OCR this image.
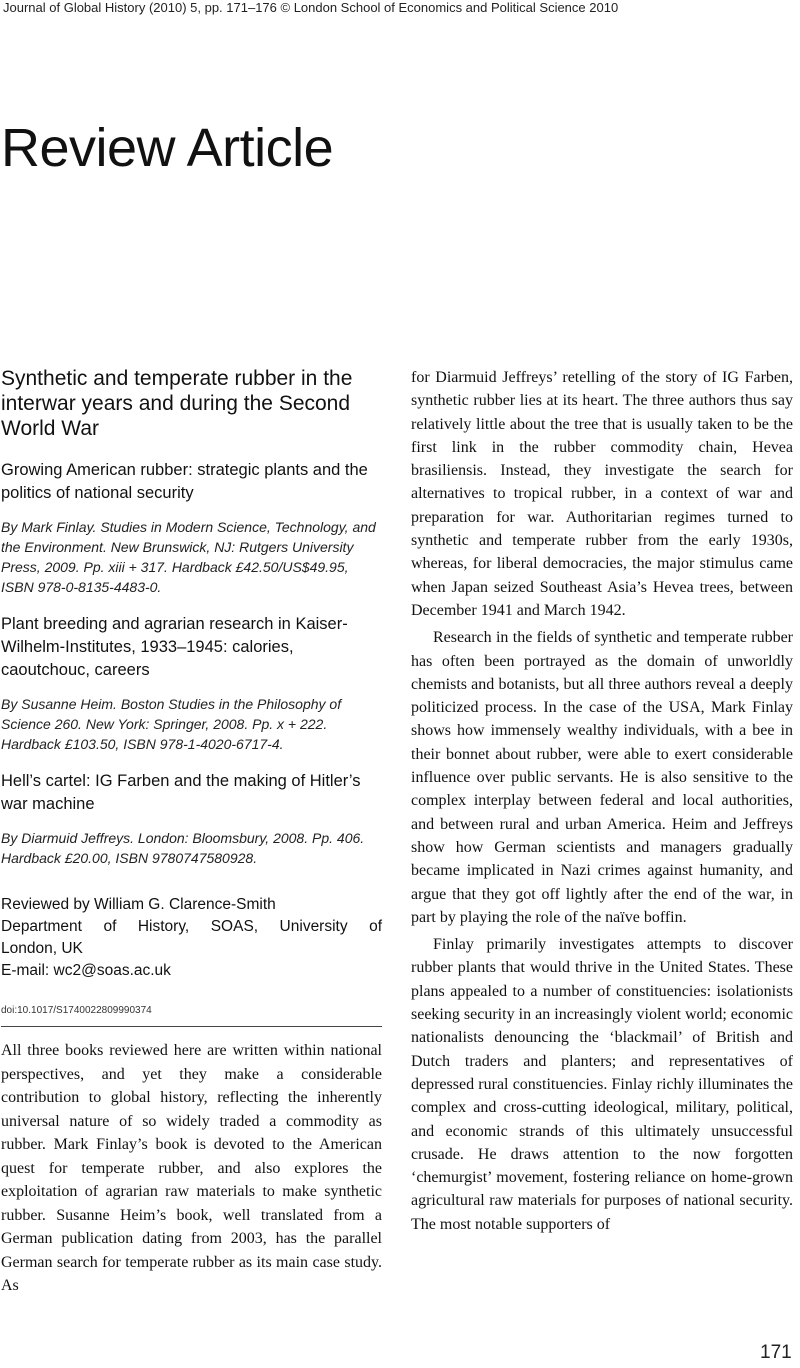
Journal of Global History (2010) 5, pp. 171–176 © London School of Economics and Political Science 2010
Review Article
Synthetic and temperate rubber in the interwar years and during the Second World War
Growing American rubber: strategic plants and the politics of national security
By Mark Finlay. Studies in Modern Science, Technology, and the Environment. New Brunswick, NJ: Rutgers University Press, 2009. Pp. xiii + 317. Hardback £42.50/US$49.95, ISBN 978-0-8135-4483-0.
Plant breeding and agrarian research in Kaiser-Wilhelm-Institutes, 1933–1945: calories, caoutchouc, careers
By Susanne Heim. Boston Studies in the Philosophy of Science 260. New York: Springer, 2008. Pp. x + 222. Hardback £103.50, ISBN 978-1-4020-6717-4.
Hell’s cartel: IG Farben and the making of Hitler’s war machine
By Diarmuid Jeffreys. London: Bloomsbury, 2008. Pp. 406. Hardback £20.00, ISBN 9780747580928.
Reviewed by William G. Clarence-Smith
Department of History, SOAS, University of
London, UK
E-mail: wc2@soas.ac.uk
doi:10.1017/S1740022809990374

All three books reviewed here are written within national perspectives, and yet they make a considerable contribution to global history, reflecting the inherently universal nature of so widely traded a commodity as rubber. Mark Finlay’s book is devoted to the American quest for temperate rubber, and also explores the exploitation of agrarian raw materials to make synthetic rubber. Susanne Heim’s book, well translated from a German publication dating from 2003, has the parallel German search for temperate rubber as its main case study. As

for Diarmuid Jeffreys’ retelling of the story of IG Farben, synthetic rubber lies at its heart. The three authors thus say relatively little about the tree that is usually taken to be the first link in the rubber commodity chain, Hevea brasiliensis. Instead, they investigate the search for alternatives to tropical rubber, in a context of war and preparation for war. Authoritarian regimes turned to synthetic and temperate rubber from the early 1930s, whereas, for liberal democracies, the major stimulus came when Japan seized Southeast Asia’s Hevea trees, between December 1941 and March 1942.

Research in the fields of synthetic and temperate rubber has often been portrayed as the domain of unworldly chemists and botanists, but all three authors reveal a deeply politicized process. In the case of the USA, Mark Finlay shows how immensely wealthy individuals, with a bee in their bonnet about rubber, were able to exert considerable influence over public servants. He is also sensitive to the complex interplay between federal and local authorities, and between rural and urban America. Heim and Jeffreys show how German scientists and managers gradually became implicated in Nazi crimes against humanity, and argue that they got off lightly after the end of the war, in part by playing the role of the naïve boffin.

Finlay primarily investigates attempts to discover rubber plants that would thrive in the United States. These plans appealed to a number of constituencies: isolationists seeking security in an increasingly violent world; economic nationalists denouncing the ‘blackmail’ of British and Dutch traders and planters; and representatives of depressed rural constituencies. Finlay richly illuminates the complex and cross-cutting ideological, military, political, and economic strands of this ultimately unsuccessful crusade. He draws attention to the now forgotten ‘chemurgist’ movement, fostering reliance on home-grown agricultural raw materials for purposes of national security. The most notable supporters of

171
